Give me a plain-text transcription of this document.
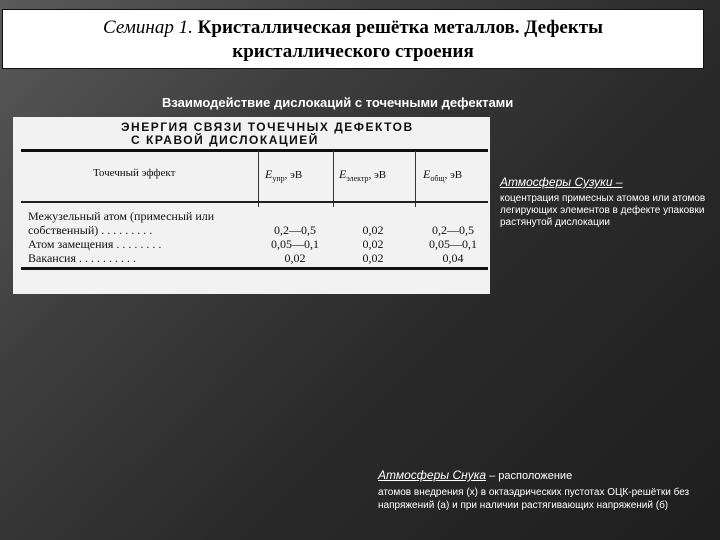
Семинар 1. Кристаллическая решётка металлов. Дефекты
кристаллического строения
Взаимодействие дислокаций с точечными дефектами
ЭНЕРГИЯ СВЯЗИ ТОЧЕЧНЫХ ДЕФЕКТОВ
С КРАВОЙ ДИСЛОКАЦИЕЙ
Точечный эффект	$E_{упр}$, эВ	$E_{электр}$, эВ	$E_{общ}$, эВ
Межузельный атом (примесный или
собственный) . . . . . . . . .	0,2—0,5	0,02	0,2—0,5
Атом замещения . . . . . . . .	0,05—0,1	0,02	0,05—0,1
Вакансия . . . . . . . . . .	0,02	0,02	0,04
Атмосферы Сузуки –
коцентрация примесных атомов или атомов легирующих элементов в дефекте упаковки растянутой дислокации
Атмосферы Снука – расположение
атомов внедрения (х) в октаэдрических пустотах ОЦК-решётки без напряжений (а) и при наличии растягивающих напряжений (б)
